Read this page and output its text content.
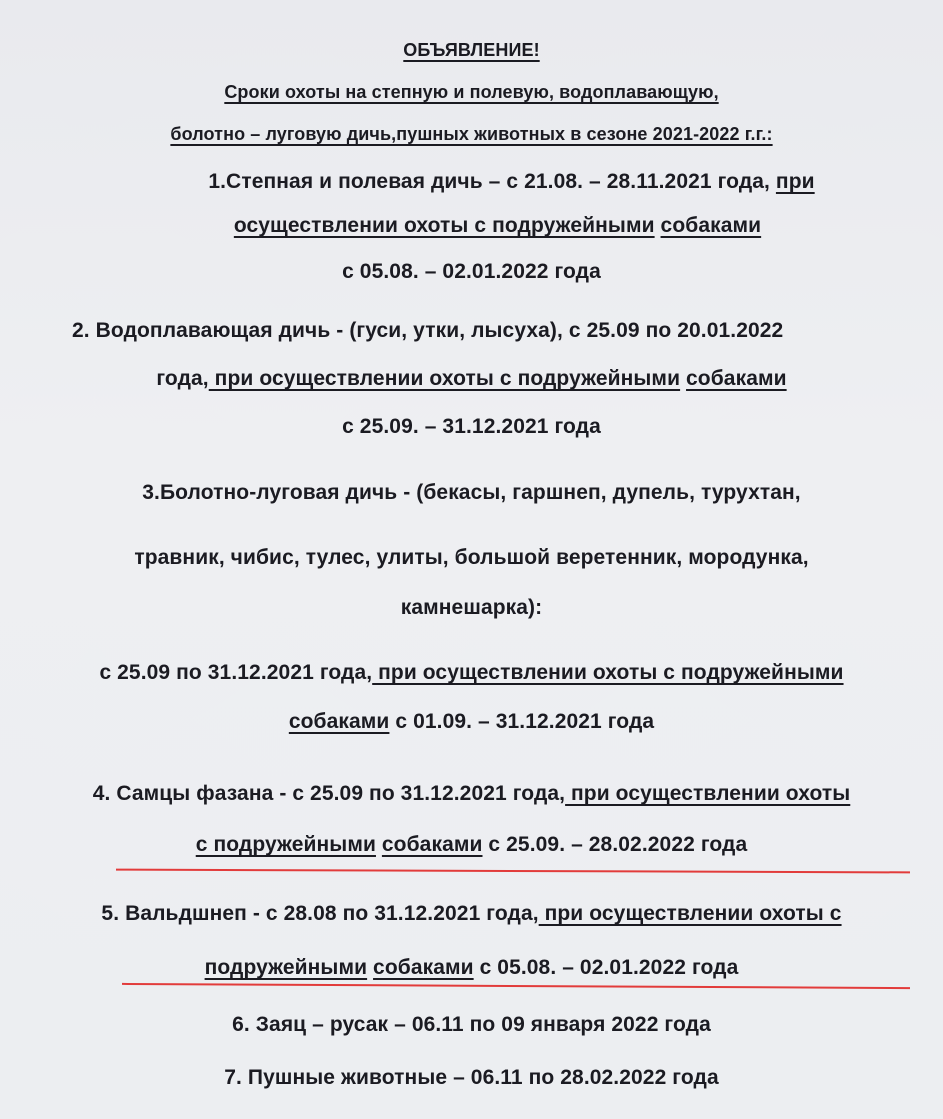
ОБЪЯВЛЕНИЕ!
Сроки охоты на степную и полевую, водоплавающую,
болотно – луговую дичь,пушных животных в сезоне 2021-2022 г.г.:
1.Степная и полевая дичь – с 21.08. – 28.11.2021 года, при
осуществлении охоты с подружейными собаками
с 05.08. – 02.01.2022 года
2. Водоплавающая дичь - (гуси, утки, лысуха), с 25.09 по 20.01.2022
года, при осуществлении охоты с подружейными собаками
с 25.09. – 31.12.2021 года
3.Болотно-луговая дичь - (бекасы, гаршнеп, дупель, турухтан,
травник, чибис, тулес, улиты, большой веретенник, мородунка,
камнешарка):
с 25.09 по 31.12.2021 года, при осуществлении охоты с подружейными
собаками с 01.09. – 31.12.2021 года
4. Самцы фазана - с 25.09 по 31.12.2021 года, при осуществлении охоты
с подружейными собаками с 25.09. – 28.02.2022 года
5. Вальдшнеп - с 28.08 по 31.12.2021 года, при осуществлении охоты с
подружейными собаками с 05.08. – 02.01.2022 года
6. Заяц – русак – 06.11 по 09 января 2022 года
7. Пушные животные – 06.11 по 28.02.2022 года
